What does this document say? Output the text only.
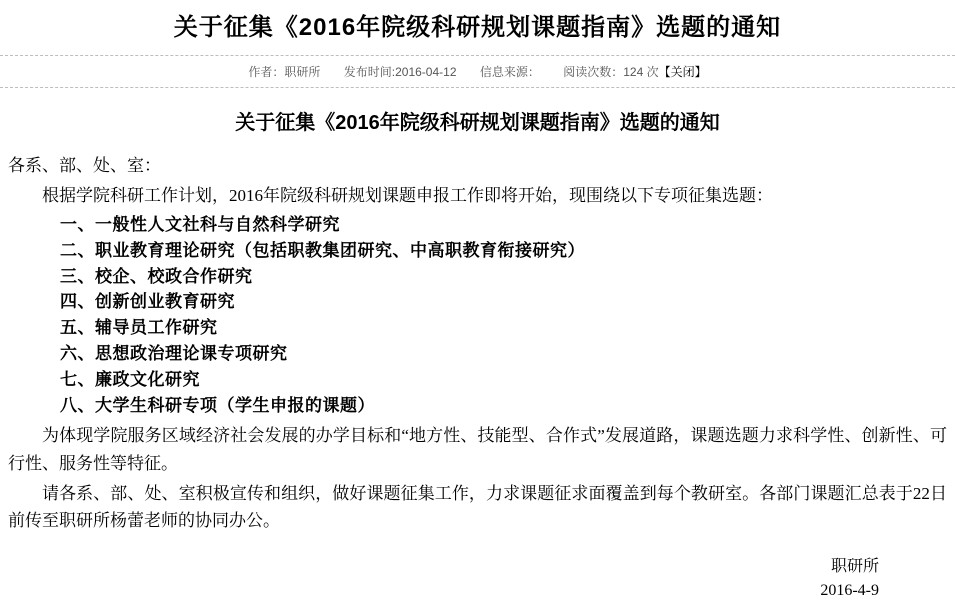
关于征集《2016年院级科研规划课题指南》选题的通知
作者：职研所 发布时间:2016-04-12 信息来源： 阅读次数：124 次【关闭】
关于征集《2016年院级科研规划课题指南》选题的通知
各系、部、处、室：

根据学院科研工作计划，2016年院级科研规划课题申报工作即将开始，现围绕以下专项征集选题：

一、一般性人文社科与自然科学研究
二、职业教育理论研究（包括职教集团研究、中高职教育衔接研究）
三、校企、校政合作研究
四、创新创业教育研究
五、辅导员工作研究
六、思想政治理论课专项研究
七、廉政文化研究
八、大学生科研专项（学生申报的课题）

为体现学院服务区域经济社会发展的办学目标和“地方性、技能型、合作式”发展道路，课题选题力求科学性、创新性、可行性、服务性等特征。

请各系、部、处、室积极宣传和组织，做好课题征集工作，力求课题征求面覆盖到每个教研室。各部门课题汇总表于22日前传至职研所杨蕾老师的协同办公。

职研所
2016-4-9
